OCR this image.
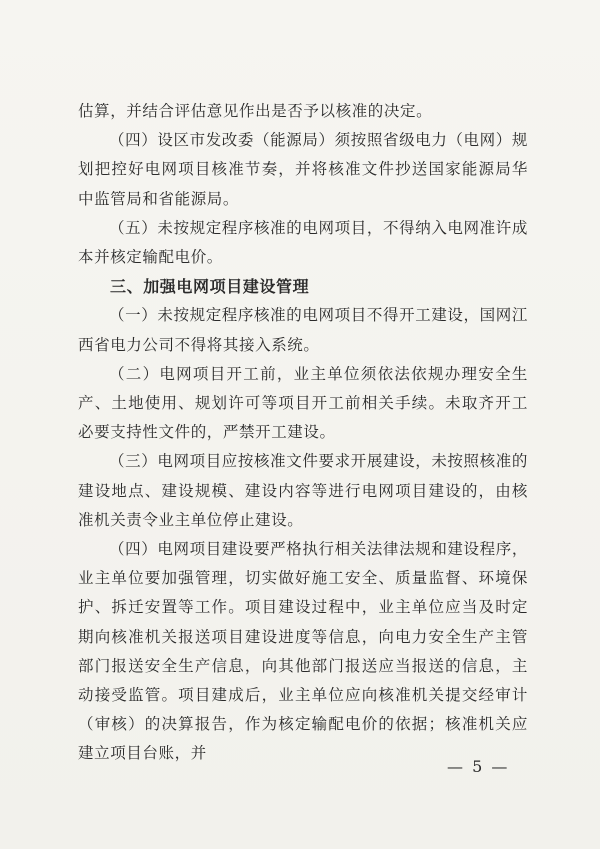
估算，并结合评估意见作出是否予以核准的决定。

（四）设区市发改委（能源局）须按照省级电力（电网）规划把控好电网项目核准节奏，并将核准文件抄送国家能源局华中监管局和省能源局。

（五）未按规定程序核准的电网项目，不得纳入电网准许成本并核定输配电价。

三、加强电网项目建设管理

（一）未按规定程序核准的电网项目不得开工建设，国网江西省电力公司不得将其接入系统。

（二）电网项目开工前，业主单位须依法依规办理安全生产、土地使用、规划许可等项目开工前相关手续。未取齐开工必要支持性文件的，严禁开工建设。

（三）电网项目应按核准文件要求开展建设，未按照核准的建设地点、建设规模、建设内容等进行电网项目建设的，由核准机关责令业主单位停止建设。

（四）电网项目建设要严格执行相关法律法规和建设程序，业主单位要加强管理，切实做好施工安全、质量监督、环境保护、拆迁安置等工作。项目建设过程中，业主单位应当及时定期向核准机关报送项目建设进度等信息，向电力安全生产主管部门报送安全生产信息，向其他部门报送应当报送的信息，主动接受监管。项目建成后，业主单位应向核准机关提交经审计（审核）的决算报告，作为核定输配电价的依据；核准机关应建立项目台账，并

— 5 —
